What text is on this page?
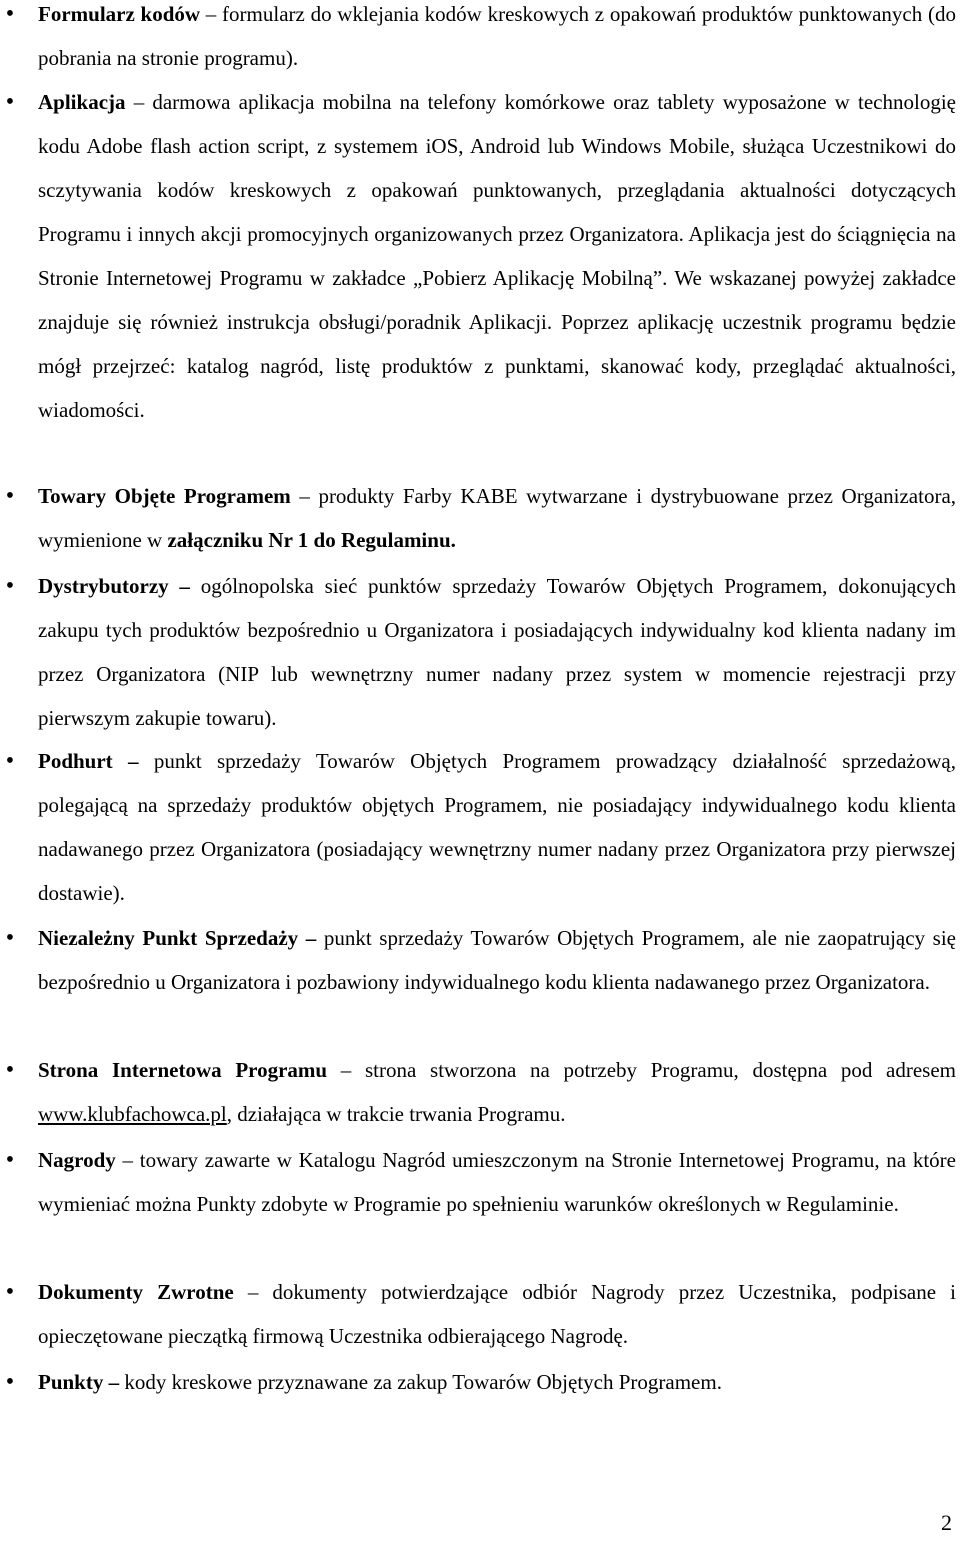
• Formularz kodów – formularz do wklejania kodów kreskowych z opakowań produktów punktowanych (do pobrania na stronie programu).

• Aplikacja – darmowa aplikacja mobilna na telefony komórkowe oraz tablety wyposażone w technologię kodu Adobe flash action script, z systemem iOS, Android lub Windows Mobile, służąca Uczestnikowi do sczytywania kodów kreskowych z opakowań punktowanych, przeglądania aktualności dotyczących Programu i innych akcji promocyjnych organizowanych przez Organizatora. Aplikacja jest do ściągnięcia na Stronie Internetowej Programu w zakładce „Pobierz Aplikację Mobilną”. We wskazanej powyżej zakładce znajduje się również instrukcja obsługi/poradnik Aplikacji. Poprzez aplikację uczestnik programu będzie mógł przejrzeć: katalog nagród, listę produktów z punktami, skanować kody, przeglądać aktualności, wiadomości.

• Towary Objęte Programem – produkty Farby KABE wytwarzane i dystrybuowane przez Organizatora, wymienione w załączniku Nr 1 do Regulaminu.

• Dystrybutorzy – ogólnopolska sieć punktów sprzedaży Towarów Objętych Programem, dokonujących zakupu tych produktów bezpośrednio u Organizatora i posiadających indywidualny kod klienta nadany im przez Organizatora (NIP lub wewnętrzny numer nadany przez system w momencie rejestracji przy pierwszym zakupie towaru).

• Podhurt – punkt sprzedaży Towarów Objętych Programem prowadzący działalność sprzedażową, polegającą na sprzedaży produktów objętych Programem, nie posiadający indywidualnego kodu klienta nadawanego przez Organizatora (posiadający wewnętrzny numer nadany przez Organizatora przy pierwszej dostawie).

• Niezależny Punkt Sprzedaży – punkt sprzedaży Towarów Objętych Programem, ale nie zaopatrujący się bezpośrednio u Organizatora i pozbawiony indywidualnego kodu klienta nadawanego przez Organizatora.

• Strona Internetowa Programu – strona stworzona na potrzeby Programu, dostępna pod adresem www.klubfachowca.pl, działająca w trakcie trwania Programu.

• Nagrody – towary zawarte w Katalogu Nagród umieszczonym na Stronie Internetowej Programu, na które wymieniać można Punkty zdobyte w Programie po spełnieniu warunków określonych w Regulaminie.

• Dokumenty Zwrotne – dokumenty potwierdzające odbiór Nagrody przez Uczestnika, podpisane i opieczętowane pieczątką firmową Uczestnika odbierającego Nagrodę.

• Punkty – kody kreskowe przyznawane za zakup Towarów Objętych Programem.

2
